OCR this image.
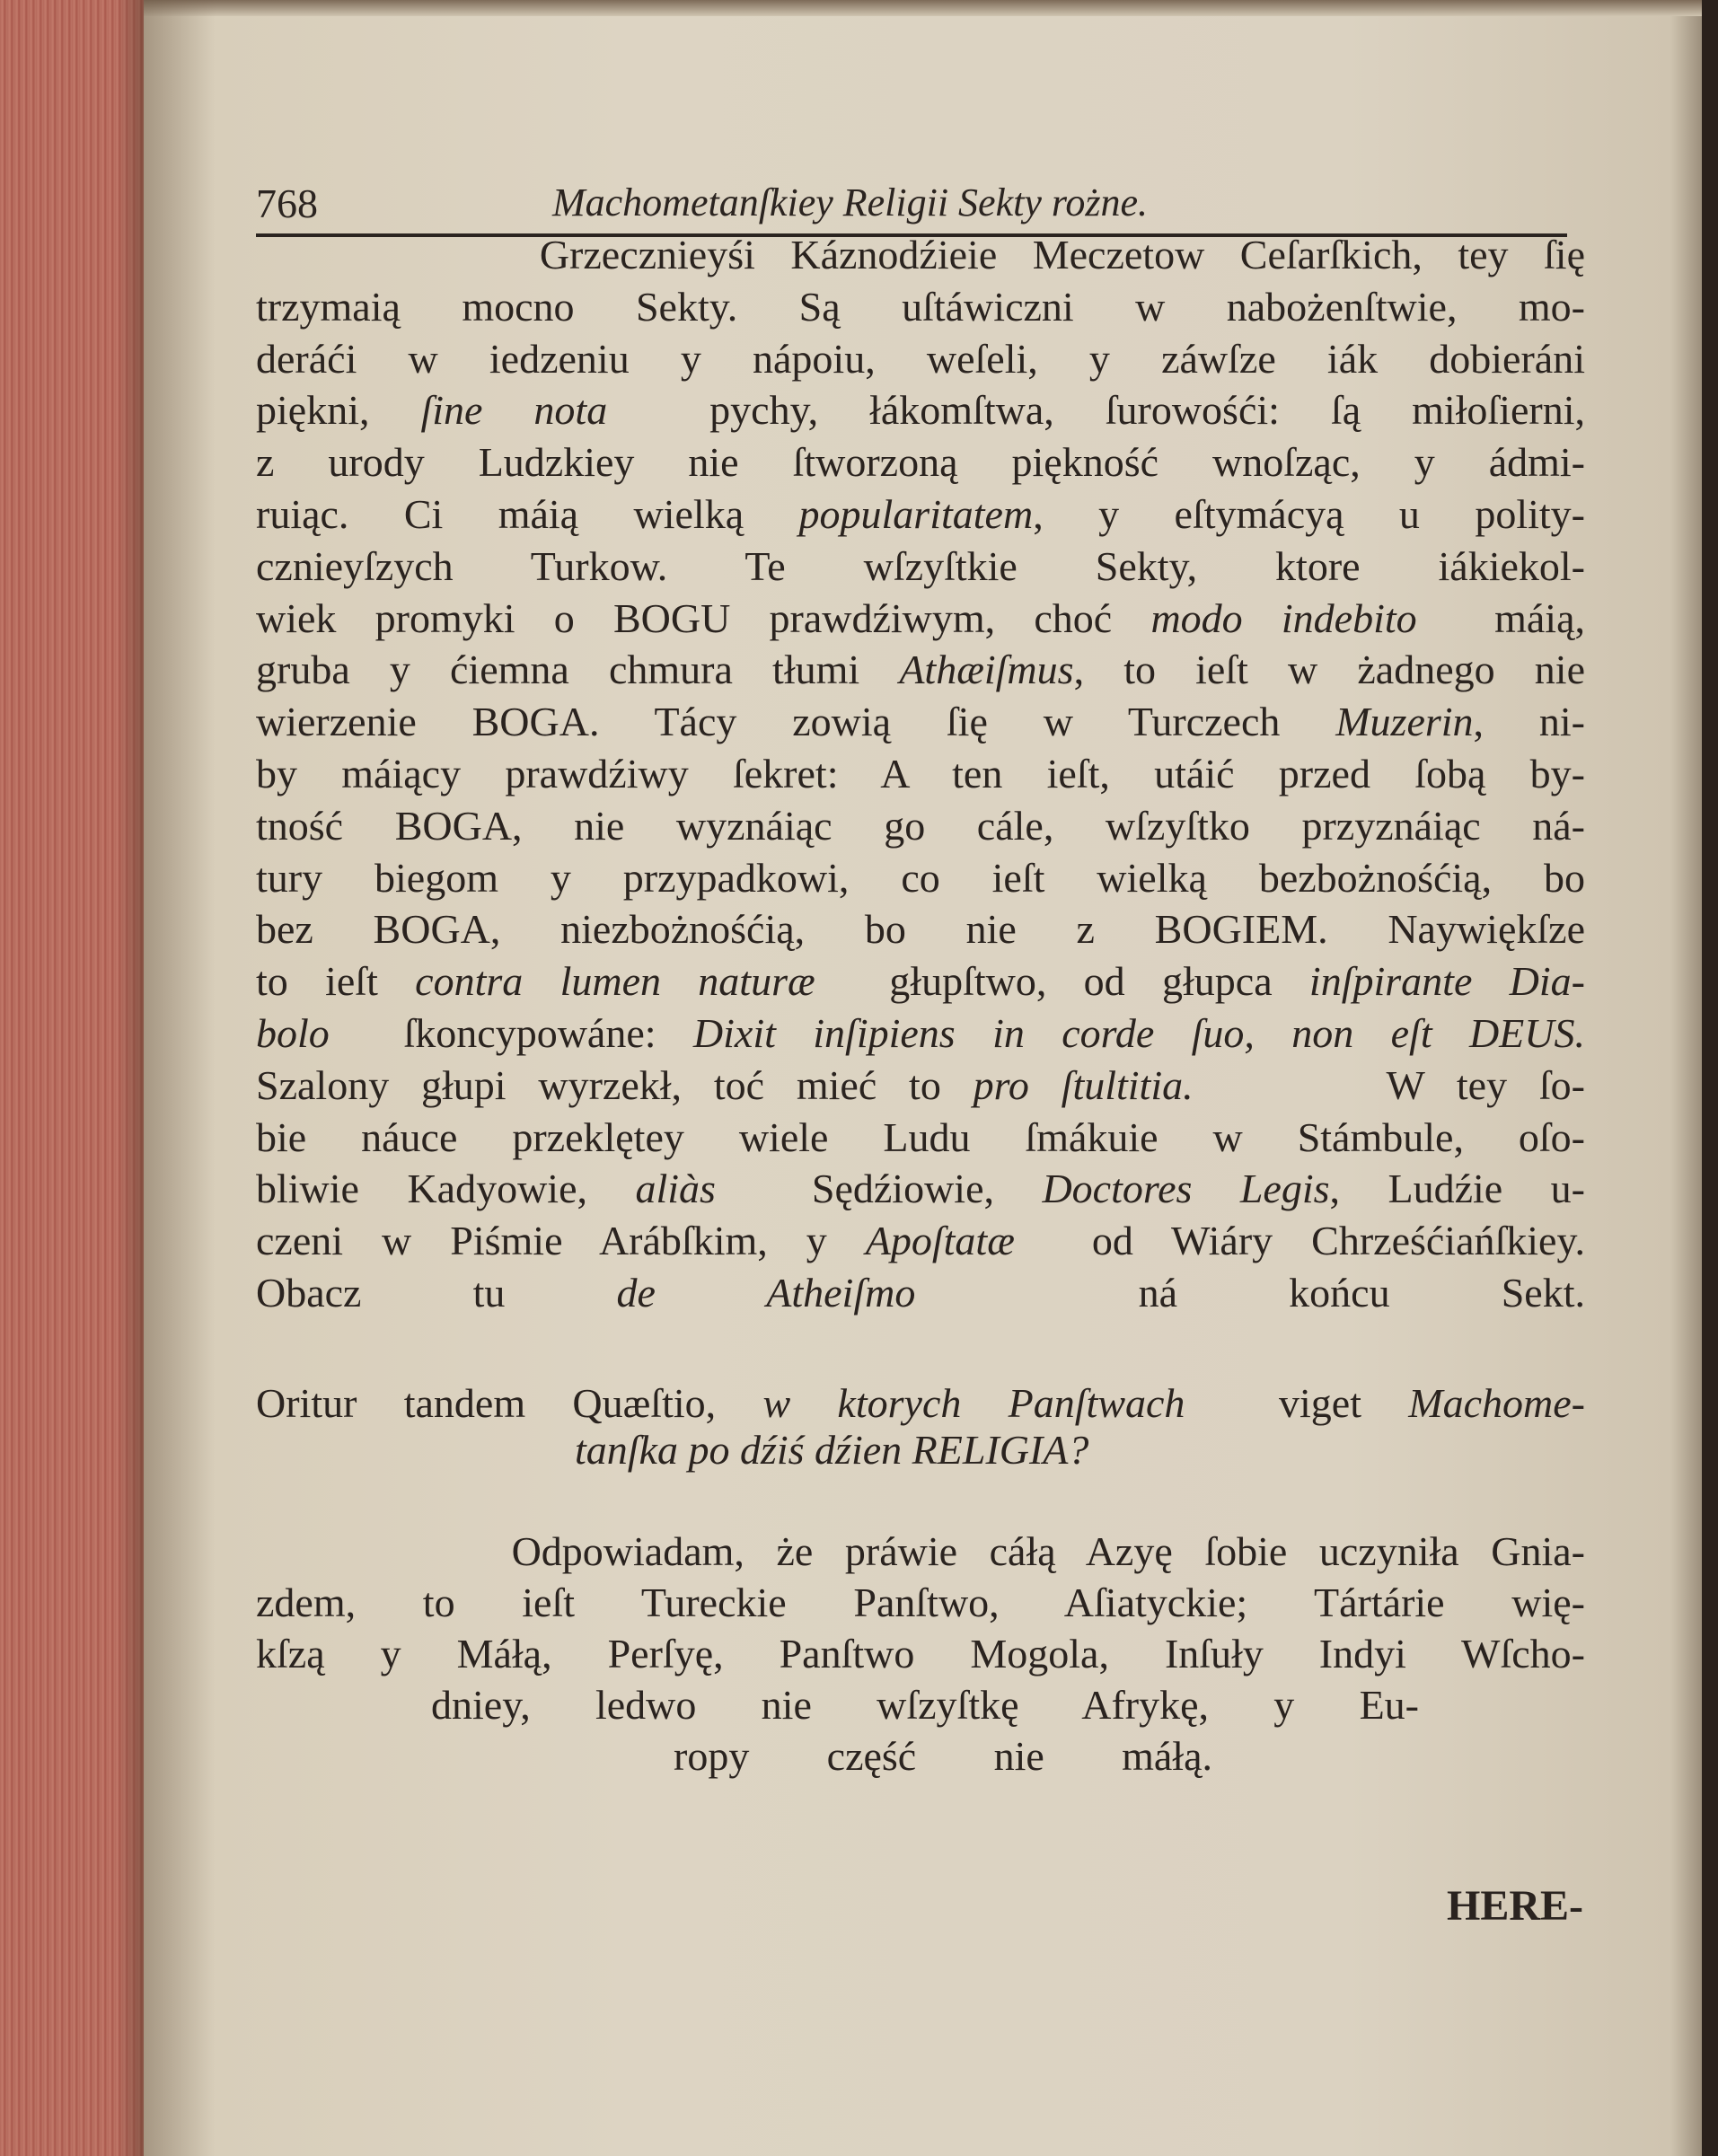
768	Machometanſkiey Religii Sekty rożne.
Grzecznieyśi Káznodźieie Meczetow Ceſarſkich, tey ſię
trzymaią mocno Sekty. Są uſtáwiczni w nabożenſtwie, mo-
deráći w iedzeniu y nápoiu, weſeli, y záwſze iák dobieráni
piękni, ſine nota  pychy, łákomſtwa, ſurowośći: ſą miłoſierni,
z urody Ludzkiey nie ſtworzoną piękność wnoſząc, y ádmi-
ruiąc. Ci máią wielką popularitatem, y eſtymácyą u polity-
cznieyſzych Turkow. Te wſzyſtkie Sekty, ktore iákiekol-
wiek promyki o BOGU prawdźiwym, choć modo indebito  máią,
gruba y ćiemna chmura tłumi Athæiſmus, to ieſt w żadnego nie
wierzenie BOGA. Tácy zowią ſię w Turczech Muzerin, ni-
by máiący prawdźiwy ſekret: A ten ieſt, utáić przed ſobą by-
tność BOGA, nie wyznáiąc go cále, wſzyſtko przyznáiąc ná-
tury biegom y przypadkowi, co ieſt wielką bezbożnośćią, bo
bez BOGA, niezbożnośćią, bo nie z BOGIEM. Naywiękſze
to ieſt contra lumen naturæ  głupſtwo, od głupca inſpirante Dia-
bolo  ſkoncypowáne: Dixit inſipiens in corde ſuo, non eſt DEUS.
Szalony głupi wyrzekł, toć mieć to pro ſtultitia.      W tey ſo-
bie náuce przeklętey wiele Ludu ſmákuie w Stámbule, oſo-
bliwie Kadyowie, aliàs  Sędźiowie, Doctores Legis, Ludźie u-
czeni w Piśmie Arábſkim, y Apoſtatæ  od Wiáry Chrześćiańſkiey.
Obacz tu de Atheiſmo  ná końcu Sekt.
Oritur tandem Quæſtio, w ktorych Panſtwach  viget Machome-
tanſka po dźiś dźien RELIGIA?
Odpowiadam, że práwie cáłą Azyę ſobie uczyniła Gnia-
zdem, to ieſt Tureckie Panſtwo, Aſiatyckie; Tártárie wię-
kſzą y Máłą, Perſyę, Panſtwo Mogola, Inſuły Indyi Wſcho-
dniey, ledwo nie wſzyſtkę Afrykę, y Eu-
ropy część nie máłą.
HERE-
